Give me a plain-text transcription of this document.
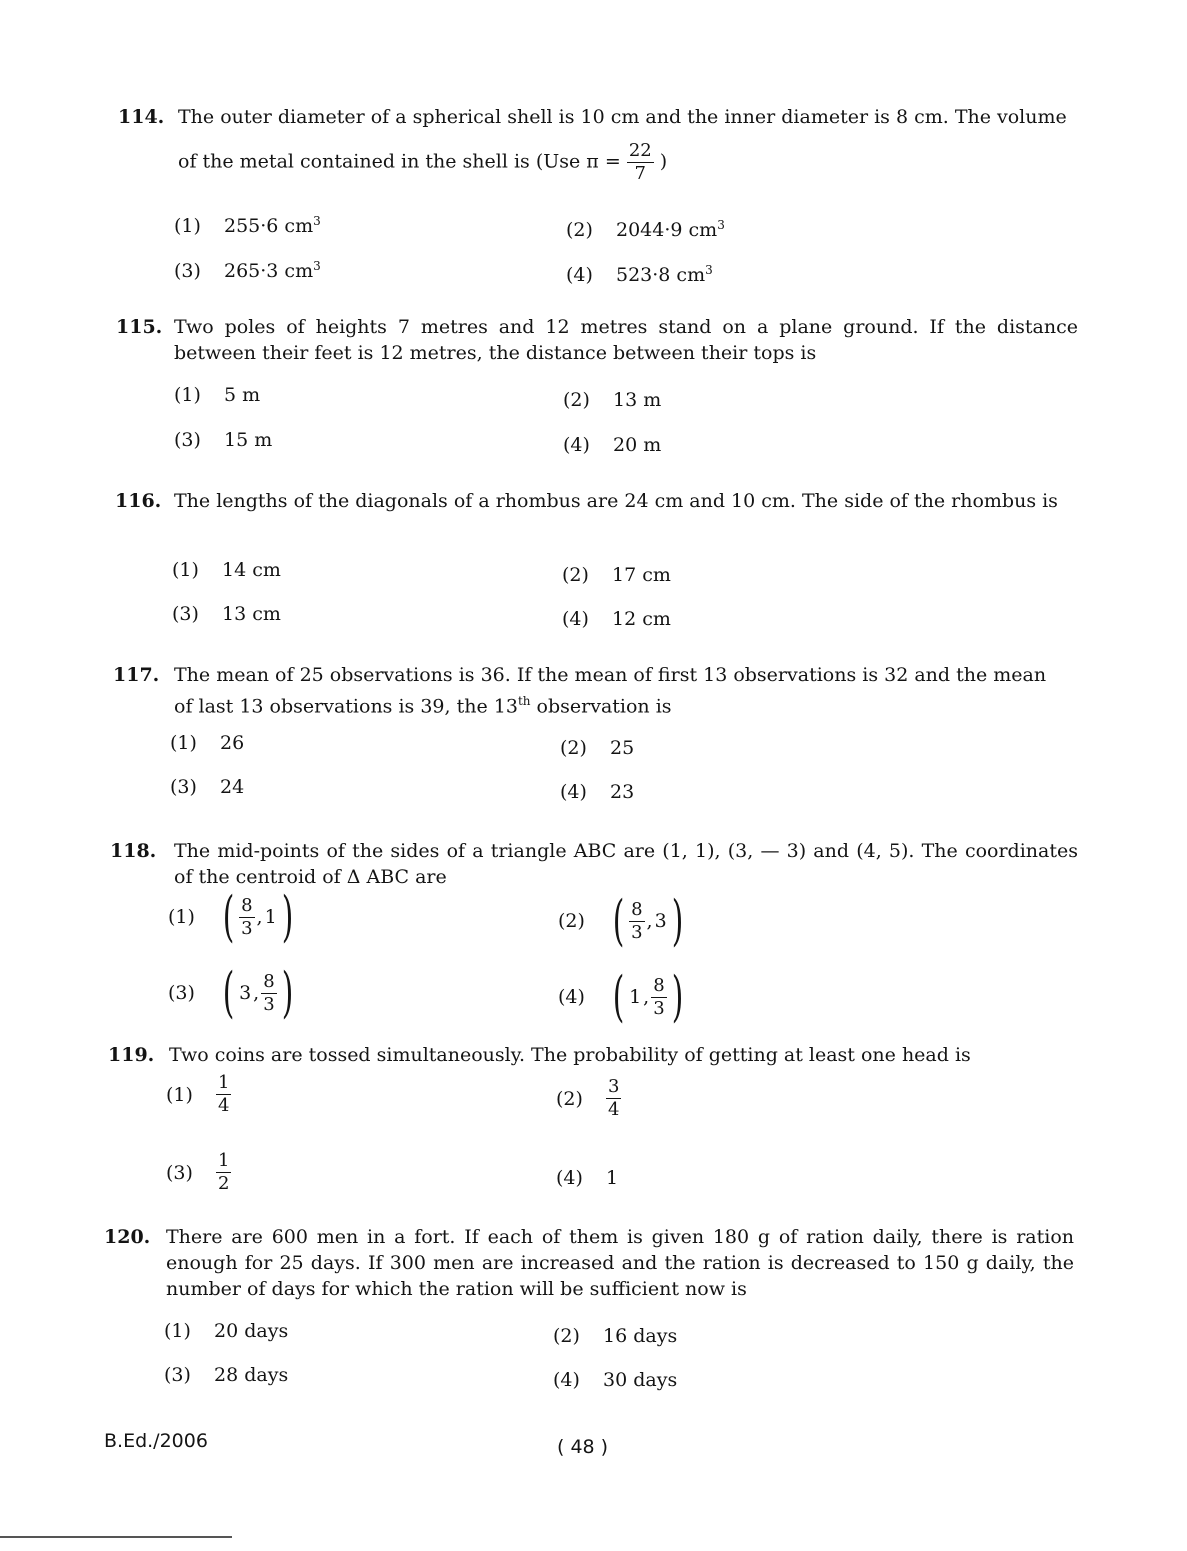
114. The outer diameter of a spherical shell is 10 cm and the inner diameter is 8 cm. The volume
of the metal contained in the shell is (Use $\pi = \frac{22}{7}$ )
(1) 255·6 $cm^3$	(2) 2044·9 $cm^3$
(3) 265·3 $cm^3$	(4) 523·8 $cm^3$
115. Two poles of heights 7 metres and 12 metres stand on a plane ground. If the distance between their feet is 12 metres, the distance between their tops is
(1) 5 m	(2) 13 m
(3) 15 m	(4) 20 m
116. The lengths of the diagonals of a rhombus are 24 cm and 10 cm. The side of the rhombus is
(1) 14 cm	(2) 17 cm
(3) 13 cm	(4) 12 cm
117. The mean of 25 observations is 36. If the mean of first 13 observations is 32 and the mean
of last 13 observations is 39, the 13th observation is
(1) 26	(2) 25
(3) 24	(4) 23
118. The mid-points of the sides of a triangle ABC are (1, 1), (3, — 3) and (4, 5). The coordinates of the centroid of Δ ABC are
(1) ( $\frac{8}{3}$ , 1 )	(2) ( $\frac{8}{3}$ , 3 )
(3) ( 3 , $\frac{8}{3}$ )	(4) ( 1 , $\frac{8}{3}$ )
119. Two coins are tossed simultaneously. The probability of getting at least one head is
$(1) \frac{1}{4}$	$(2) \frac{3}{4}$
$(3) \frac{1}{2}$	(4) 1
120. There are 600 men in a fort. If each of them is given 180 g of ration daily, there is ration enough for 25 days. If 300 men are increased and the ration is decreased to 150 g daily, the number of days for which the ration will be sufficient now is
(1) 20 days	(2) 16 days
(3) 28 days	(4) 30 days
B.Ed./2006	( 48 )
